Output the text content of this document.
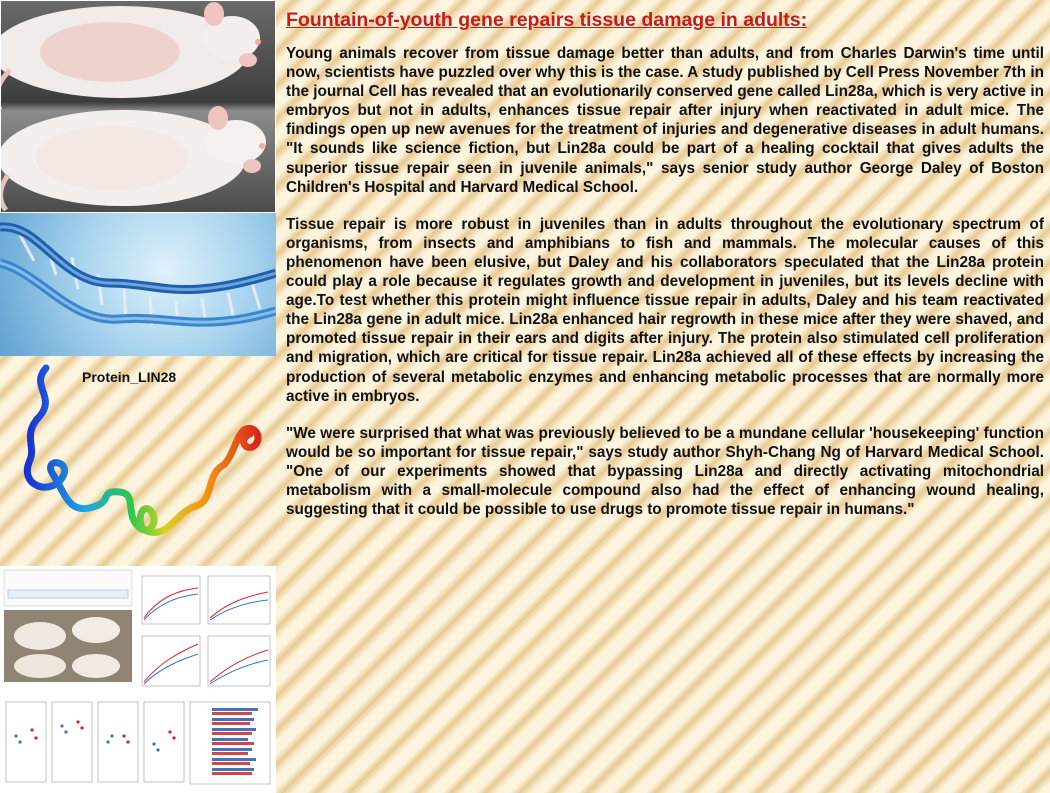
Protein_LIN28
Fountain-of-youth gene repairs tissue damage in adults:

Young animals recover from tissue damage better than adults, and from Charles Darwin's time until now, scientists have puzzled over why this is the case. A study published by Cell Press November 7th in the journal Cell has revealed that an evolutionarily conserved gene called Lin28a, which is very active in embryos but not in adults, enhances tissue repair after injury when reactivated in adult mice. The findings open up new avenues for the treatment of injuries and degenerative diseases in adult humans. "It sounds like science fiction, but Lin28a could be part of a healing cocktail that gives adults the superior tissue repair seen in juvenile animals," says senior study author George Daley of Boston Children's Hospital and Harvard Medical School.

Tissue repair is more robust in juveniles than in adults throughout the evolutionary spectrum of organisms, from insects and amphibians to fish and mammals. The molecular causes of this phenomenon have been elusive, but Daley and his collaborators speculated that the Lin28a protein could play a role because it regulates growth and development in juveniles, but its levels decline with age.To test whether this protein might influence tissue repair in adults, Daley and his team reactivated the Lin28a gene in adult mice. Lin28a enhanced hair regrowth in these mice after they were shaved, and promoted tissue repair in their ears and digits after injury. The protein also stimulated cell proliferation and migration, which are critical for tissue repair. Lin28a achieved all of these effects by increasing the production of several metabolic enzymes and enhancing metabolic processes that are normally more active in embryos.

"We were surprised that what was previously believed to be a mundane cellular 'housekeeping' function would be so important for tissue repair," says study author Shyh-Chang Ng of Harvard Medical School. "One of our experiments showed that bypassing Lin28a and directly activating mitochondrial metabolism with a small-molecule compound also had the effect of enhancing wound healing, suggesting that it could be possible to use drugs to promote tissue repair in humans."
